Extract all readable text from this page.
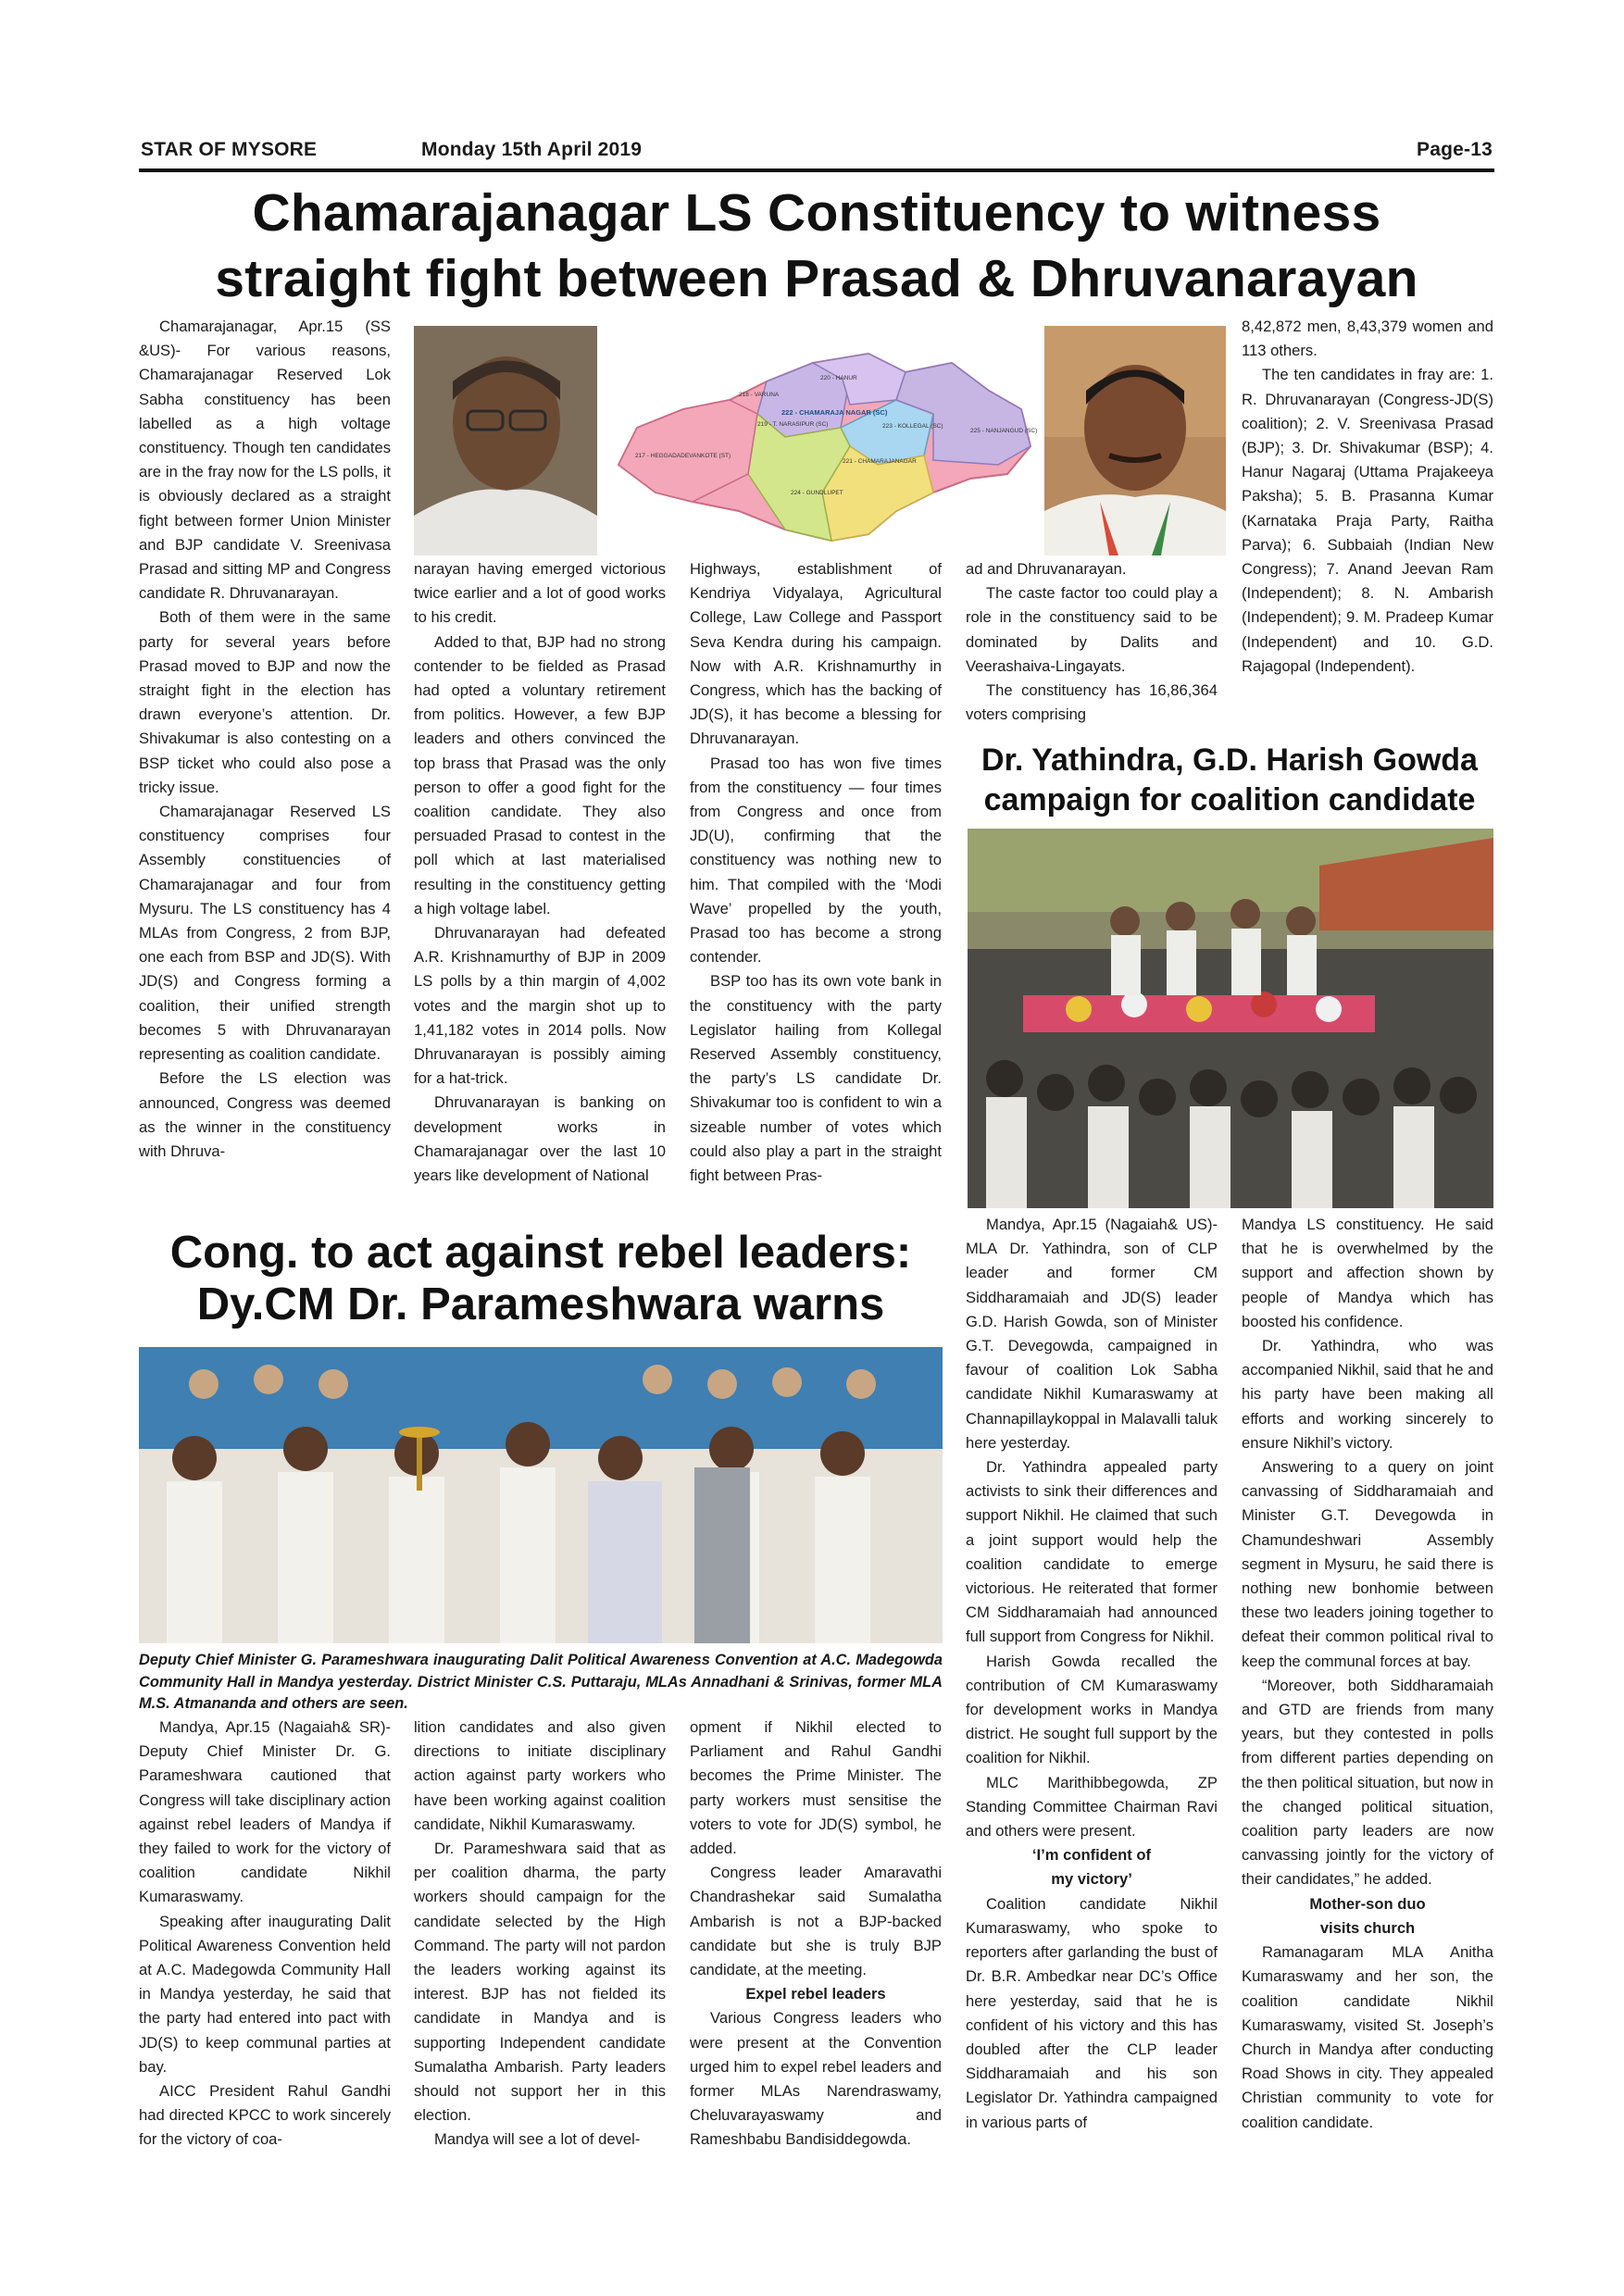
STAR OF MYSORE	Monday 15th April 2019	Page-13
Chamarajanagar LS Constituency to witness
straight fight between Prasad & Dhruvanarayan

Chamarajanagar, Apr.15 (SS &US)- For various reasons, Chamarajanagar Reserved Lok Sabha constituency has been labelled as a high voltage constituency. Though ten candidates are in the fray now for the LS polls, it is obviously declared as a straight fight between former Union Minister and BJP candidate V. Sreenivasa Prasad and sitting MP and Congress candidate R. Dhruvanarayan.

Both of them were in the same party for several years before Prasad moved to BJP and now the straight fight in the election has drawn everyone’s attention. Dr. Shivakumar is also contesting on a BSP ticket who could also pose a tricky issue.

Chamarajanagar Reserved LS constituency comprises four Assembly constituencies of Chamarajanagar and four from Mysuru. The LS constituency has 4 MLAs from Congress, 2 from BJP, one each from BSP and JD(S). With JD(S) and Congress forming a coalition, their unified strength becomes 5 with Dhruvanarayan representing as coalition candidate.

Before the LS election was announced, Congress was deemed as the winner in the constituency with Dhruva-

220 - HANUR
218 - VARUNA
222 - CHAMARAJA NAGAR (SC)
219 - T. NARASIPUR (SC)	223 - KOLLEGAL (SC)
221 - CHAMARAJANAGAR
224 - GUNDLUPET
217 - HEGGADADEVANKOTE (ST)
225 - NANJANGUD (SC)

narayan having emerged victorious twice earlier and a lot of good works to his credit.

Added to that, BJP had no strong contender to be fielded as Prasad had opted a voluntary retirement from politics. However, a few BJP leaders and others convinced the top brass that Prasad was the only person to offer a good fight for the coalition candidate. They also persuaded Prasad to contest in the poll which at last materialised resulting in the constituency getting a high voltage label.

Dhruvanarayan had defeated A.R. Krishnamurthy of BJP in 2009 LS polls by a thin margin of 4,002 votes and the margin shot up to 1,41,182 votes in 2014 polls. Now Dhruvanarayan is possibly aiming for a hat-trick.

Dhruvanarayan is banking on development works in Chamarajanagar over the last 10 years like development of National

Highways, establishment of Kendriya Vidyalaya, Agricultural College, Law College and Passport Seva Kendra during his campaign. Now with A.R. Krishnamurthy in Congress, which has the backing of JD(S), it has become a blessing for Dhruvanarayan.

Prasad too has won five times from the constituency — four times from Congress and once from JD(U), confirming that the constituency was nothing new to him. That compiled with the ‘Modi Wave’ propelled by the youth, Prasad too has become a strong contender.

BSP too has its own vote bank in the constituency with the party Legislator hailing from Kollegal Reserved Assembly constituency, the party’s LS candidate Dr. Shivakumar too is confident to win a sizeable number of votes which could also play a part in the straight fight between Pras-

ad and Dhruvanarayan.

The caste factor too could play a role in the constituency said to be dominated by Dalits and Veerashaiva-Lingayats.

The constituency has 16,86,364 voters comprising

8,42,872 men, 8,43,379 women and 113 others.

The ten candidates in fray are: 1. R. Dhruvanarayan (Congress-JD(S) coalition); 2. V. Sreenivasa Prasad (BJP); 3. Dr. Shivakumar (BSP); 4. Hanur Nagaraj (Uttama Prajakeeya Paksha); 5. B. Prasanna Kumar (Karnataka Praja Party, Raitha Parva); 6. Subbaiah (Indian New Congress); 7. Anand Jeevan Ram (Independent); 8. N. Ambarish (Independent); 9. M. Pradeep Kumar (Independent) and 10. G.D. Rajagopal (Independent).

Dr. Yathindra, G.D. Harish Gowda
campaign for coalition candidate

Mandya, Apr.15 (Nagaiah& US)- MLA Dr. Yathindra, son of CLP leader and former CM Siddharamaiah and JD(S) leader G.D. Harish Gowda, son of Minister G.T. Devegowda, campaigned in favour of coalition Lok Sabha candidate Nikhil Kumaraswamy at Channapillaykoppal in Malavalli taluk here yesterday.

Dr. Yathindra appealed party activists to sink their differences and support Nikhil. He claimed that such a joint support would help the coalition candidate to emerge victorious. He reiterated that former CM Siddharamaiah had announced full support from Congress for Nikhil.

Harish Gowda recalled the contribution of CM Kumaraswamy for development works in Mandya district. He sought full support by the coalition for Nikhil.

MLC Marithibbegowda, ZP Standing Committee Chairman Ravi and others were present.

‘I’m confident of

my victory’

Coalition candidate Nikhil Kumaraswamy, who spoke to reporters after garlanding the bust of Dr. B.R. Ambedkar near DC’s Office here yesterday, said that he is confident of his victory and this has doubled after the CLP leader Siddharamaiah and his son Legislator Dr. Yathindra campaigned in various parts of

Mandya LS constituency. He said that he is overwhelmed by the support and affection shown by people of Mandya which has boosted his confidence.

Dr. Yathindra, who was accompanied Nikhil, said that he and his party have been making all efforts and working sincerely to ensure Nikhil’s victory.

Answering to a query on joint canvassing of Siddharamaiah and Minister G.T. Devegowda in Chamundeshwari Assembly segment in Mysuru, he said there is nothing new bonhomie between these two leaders joining together to defeat their common political rival to keep the communal forces at bay.

“Moreover, both Siddharamaiah and GTD are friends from many years, but they contested in polls from different parties depending on the then political situation, but now in the changed political situation, coalition party leaders are now canvassing jointly for the victory of their candidates,” he added.

Mother-son duo

visits church

Ramanagaram MLA Anitha Kumaraswamy and her son, the coalition candidate Nikhil Kumaraswamy, visited St. Joseph’s Church in Mandya after conducting Road Shows in city. They appealed Christian community to vote for coalition candidate.

Cong. to act against rebel leaders:
Dy.CM Dr. Parameshwara warns
Deputy Chief Minister G. Parameshwara inaugurating Dalit Political Awareness Convention at A.C. Madegowda Community Hall in Mandya yesterday. District Minister C.S. Puttaraju, MLAs Annadhani & Srinivas, former MLA M.S. Atmananda and others are seen.

Mandya, Apr.15 (Nagaiah& SR)- Deputy Chief Minister Dr. G. Parameshwara cautioned that Congress will take disciplinary action against rebel leaders of Mandya if they failed to work for the victory of coalition candidate Nikhil Kumaraswamy.

Speaking after inaugurating Dalit Political Awareness Convention held at A.C. Madegowda Community Hall in Mandya yesterday, he said that the party had entered into pact with JD(S) to keep communal parties at bay.

AICC President Rahul Gandhi had directed KPCC to work sincerely for the victory of coa-

lition candidates and also given directions to initiate disciplinary action against party workers who have been working against coalition candidate, Nikhil Kumaraswamy.

Dr. Parameshwara said that as per coalition dharma, the party workers should campaign for the candidate selected by the High Command. The party will not pardon the leaders working against its interest. BJP has not fielded its candidate in Mandya and is supporting Independent candidate Sumalatha Ambarish. Party leaders should not support her in this election.

Mandya will see a lot of devel-

opment if Nikhil elected to Parliament and Rahul Gandhi becomes the Prime Minister. The party workers must sensitise the voters to vote for JD(S) symbol, he added.

Congress leader Amaravathi Chandrashekar said Sumalatha Ambarish is not a BJP-backed candidate but she is truly BJP candidate, at the meeting.

Expel rebel leaders

Various Congress leaders who were present at the Convention urged him to expel rebel leaders and former MLAs Narendraswamy, Cheluvarayaswamy and Rameshbabu Bandisiddegowda.
